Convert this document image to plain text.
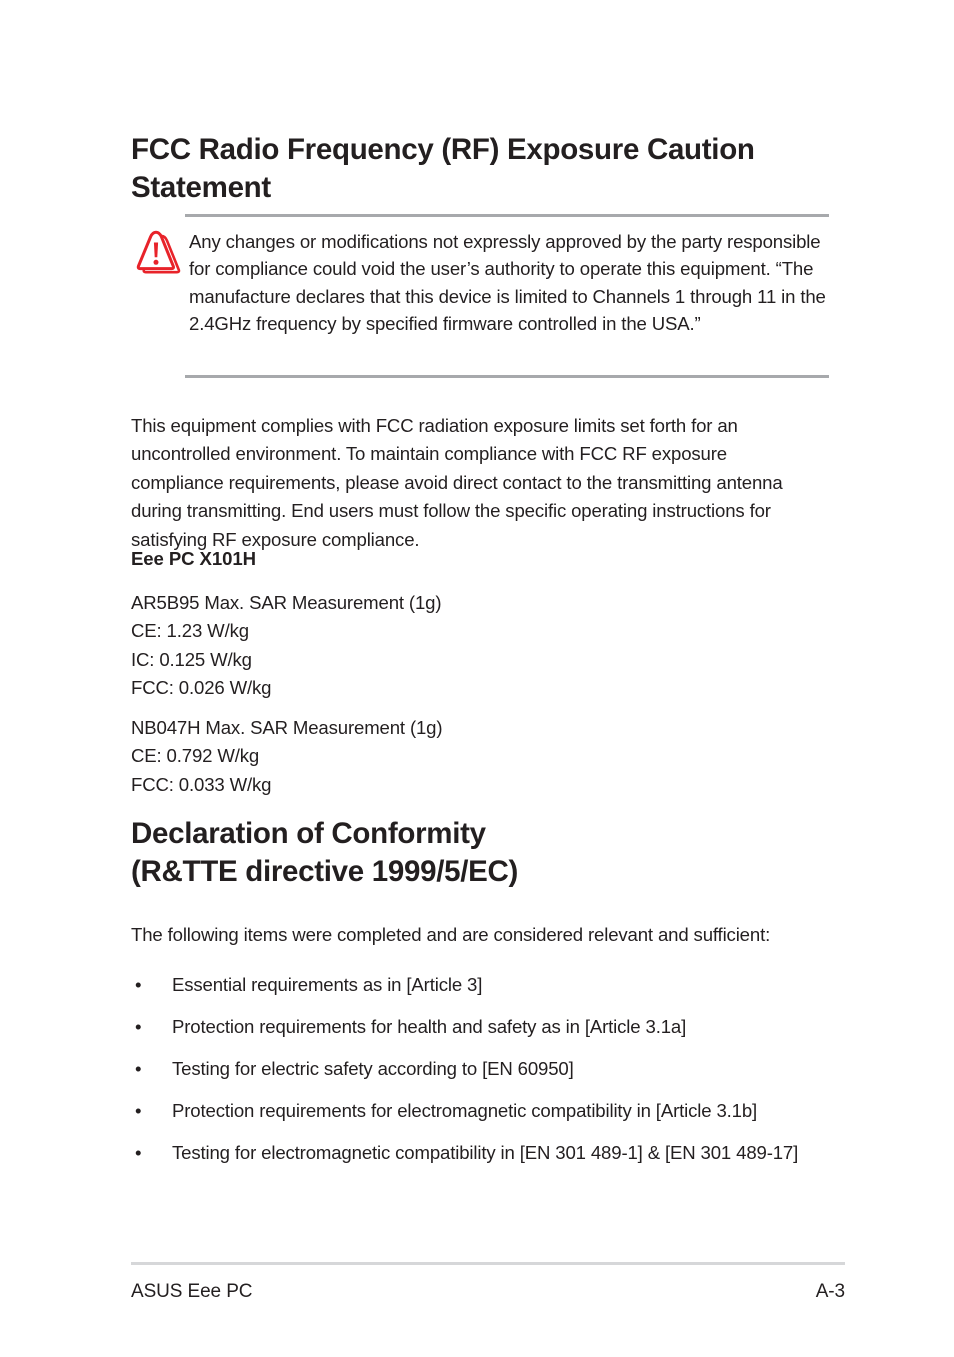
FCC Radio Frequency (RF) Exposure Caution Statement
Any changes or modifications not expressly approved by the party responsible for compliance could void the user’s authority to operate this equipment. “The manufacture declares that this device is limited to Channels 1 through 11 in the 2.4GHz frequency by specified firmware controlled in the USA.”

This equipment complies with FCC radiation exposure limits set forth for an uncontrolled environment. To maintain compliance with FCC RF exposure compliance requirements, please avoid direct contact to the transmitting antenna during transmitting. End users must follow the specific operating instructions for satisfying RF exposure compliance.

Eee PC X101H
AR5B95 Max. SAR Measurement (1g)
CE: 1.23 W/kg
IC: 0.125 W/kg
FCC: 0.026 W/kg
NB047H Max. SAR Measurement (1g)
CE: 0.792 W/kg
FCC: 0.033 W/kg
Declaration of Conformity
(R&TTE directive 1999/5/EC)

The following items were completed and are considered relevant and sufficient:

• Essential requirements as in [Article 3]
• Protection requirements for health and safety as in [Article 3.1a]
• Testing for electric safety according to [EN 60950]
• Protection requirements for electromagnetic compatibility in [Article 3.1b]
• Testing for electromagnetic compatibility in [EN 301 489-1] & [EN 301 489-17]
ASUS Eee PC	A-3
